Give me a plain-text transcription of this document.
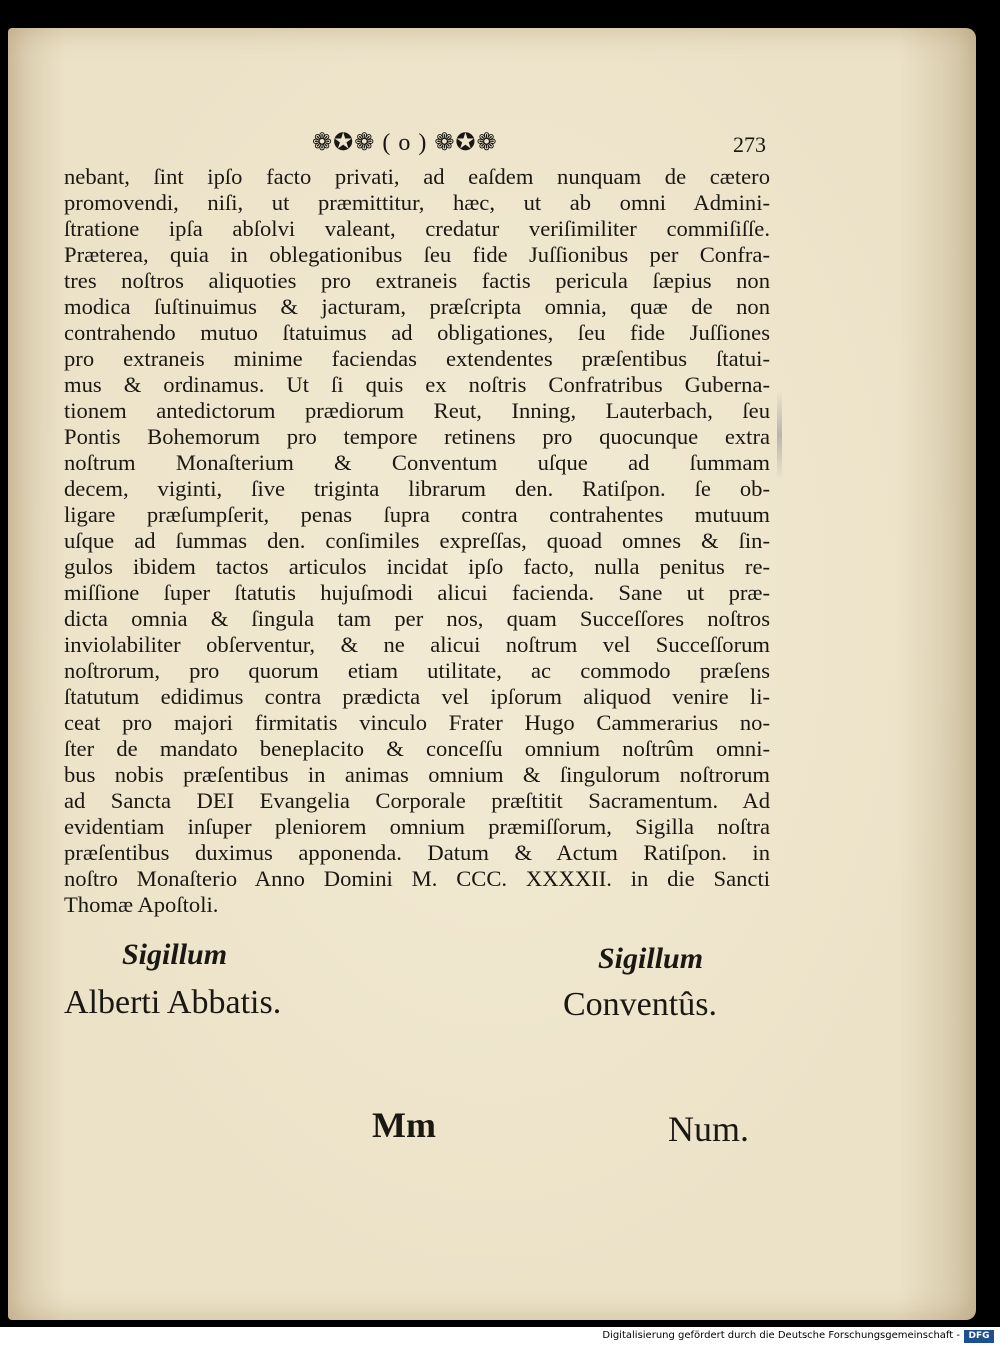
❁✪❁ ( o ) ❁✪❁	273
nebant, ſint ipſo facto privati, ad eaſdem nunquam de cætero
promovendi, niſi, ut præmittitur, hæc, ut ab omni Admini-
ſtratione ipſa abſolvi valeant, credatur veriſimiliter commiſiſſe.
Præterea, quia in oblegationibus ſeu fide Juſſionibus per Confra-
tres noſtros aliquoties pro extraneis factis pericula ſæpius non
modica ſuſtinuimus & jacturam, præſcripta omnia, quæ de non
contrahendo mutuo ſtatuimus ad obligationes, ſeu fide Juſſiones
pro extraneis minime faciendas extendentes præſentibus ſtatui-
mus & ordinamus. Ut ſi quis ex noſtris Confratribus Guberna-
tionem antedictorum prædiorum Reut, Inning, Lauterbach, ſeu
Pontis Bohemorum pro tempore retinens pro quocunque extra
noſtrum Monaſterium & Conventum uſque ad ſummam
decem, viginti, ſive triginta librarum den. Ratiſpon. ſe ob-
ligare præſumpſerit, penas ſupra contra contrahentes mutuum
uſque ad ſummas den. conſimiles expreſſas, quoad omnes & ſin-
gulos ibidem tactos articulos incidat ipſo facto, nulla penitus re-
miſſione ſuper ſtatutis hujuſmodi alicui facienda. Sane ut præ-
dicta omnia & ſingula tam per nos, quam Succeſſores noſtros
inviolabiliter obſerventur, & ne alicui noſtrum vel Succeſſorum
noſtrorum, pro quorum etiam utilitate, ac commodo præſens
ſtatutum edidimus contra prædicta vel ipſorum aliquod venire li-
ceat pro majori firmitatis vinculo Frater Hugo Cammerarius no-
ſter de mandato beneplacito & conceſſu omnium noſtrûm omni-
bus nobis præſentibus in animas omnium & ſingulorum noſtrorum
ad Sancta DEI Evangelia Corporale præſtitit Sacramentum. Ad
evidentiam inſuper pleniorem omnium præmiſſorum, Sigilla noſtra
præſentibus duximus apponenda. Datum & Actum Ratiſpon. in
noſtro Monaſterio Anno Domini M. CCC. XXXXII. in die Sancti
Thomæ Apoſtoli.
Sigillum
Alberti Abbatis.
Sigillum
Conventûs.
Mm	Num.
Digitalisierung gefördert durch die Deutsche Forschungsgemeinschaft - DFG
